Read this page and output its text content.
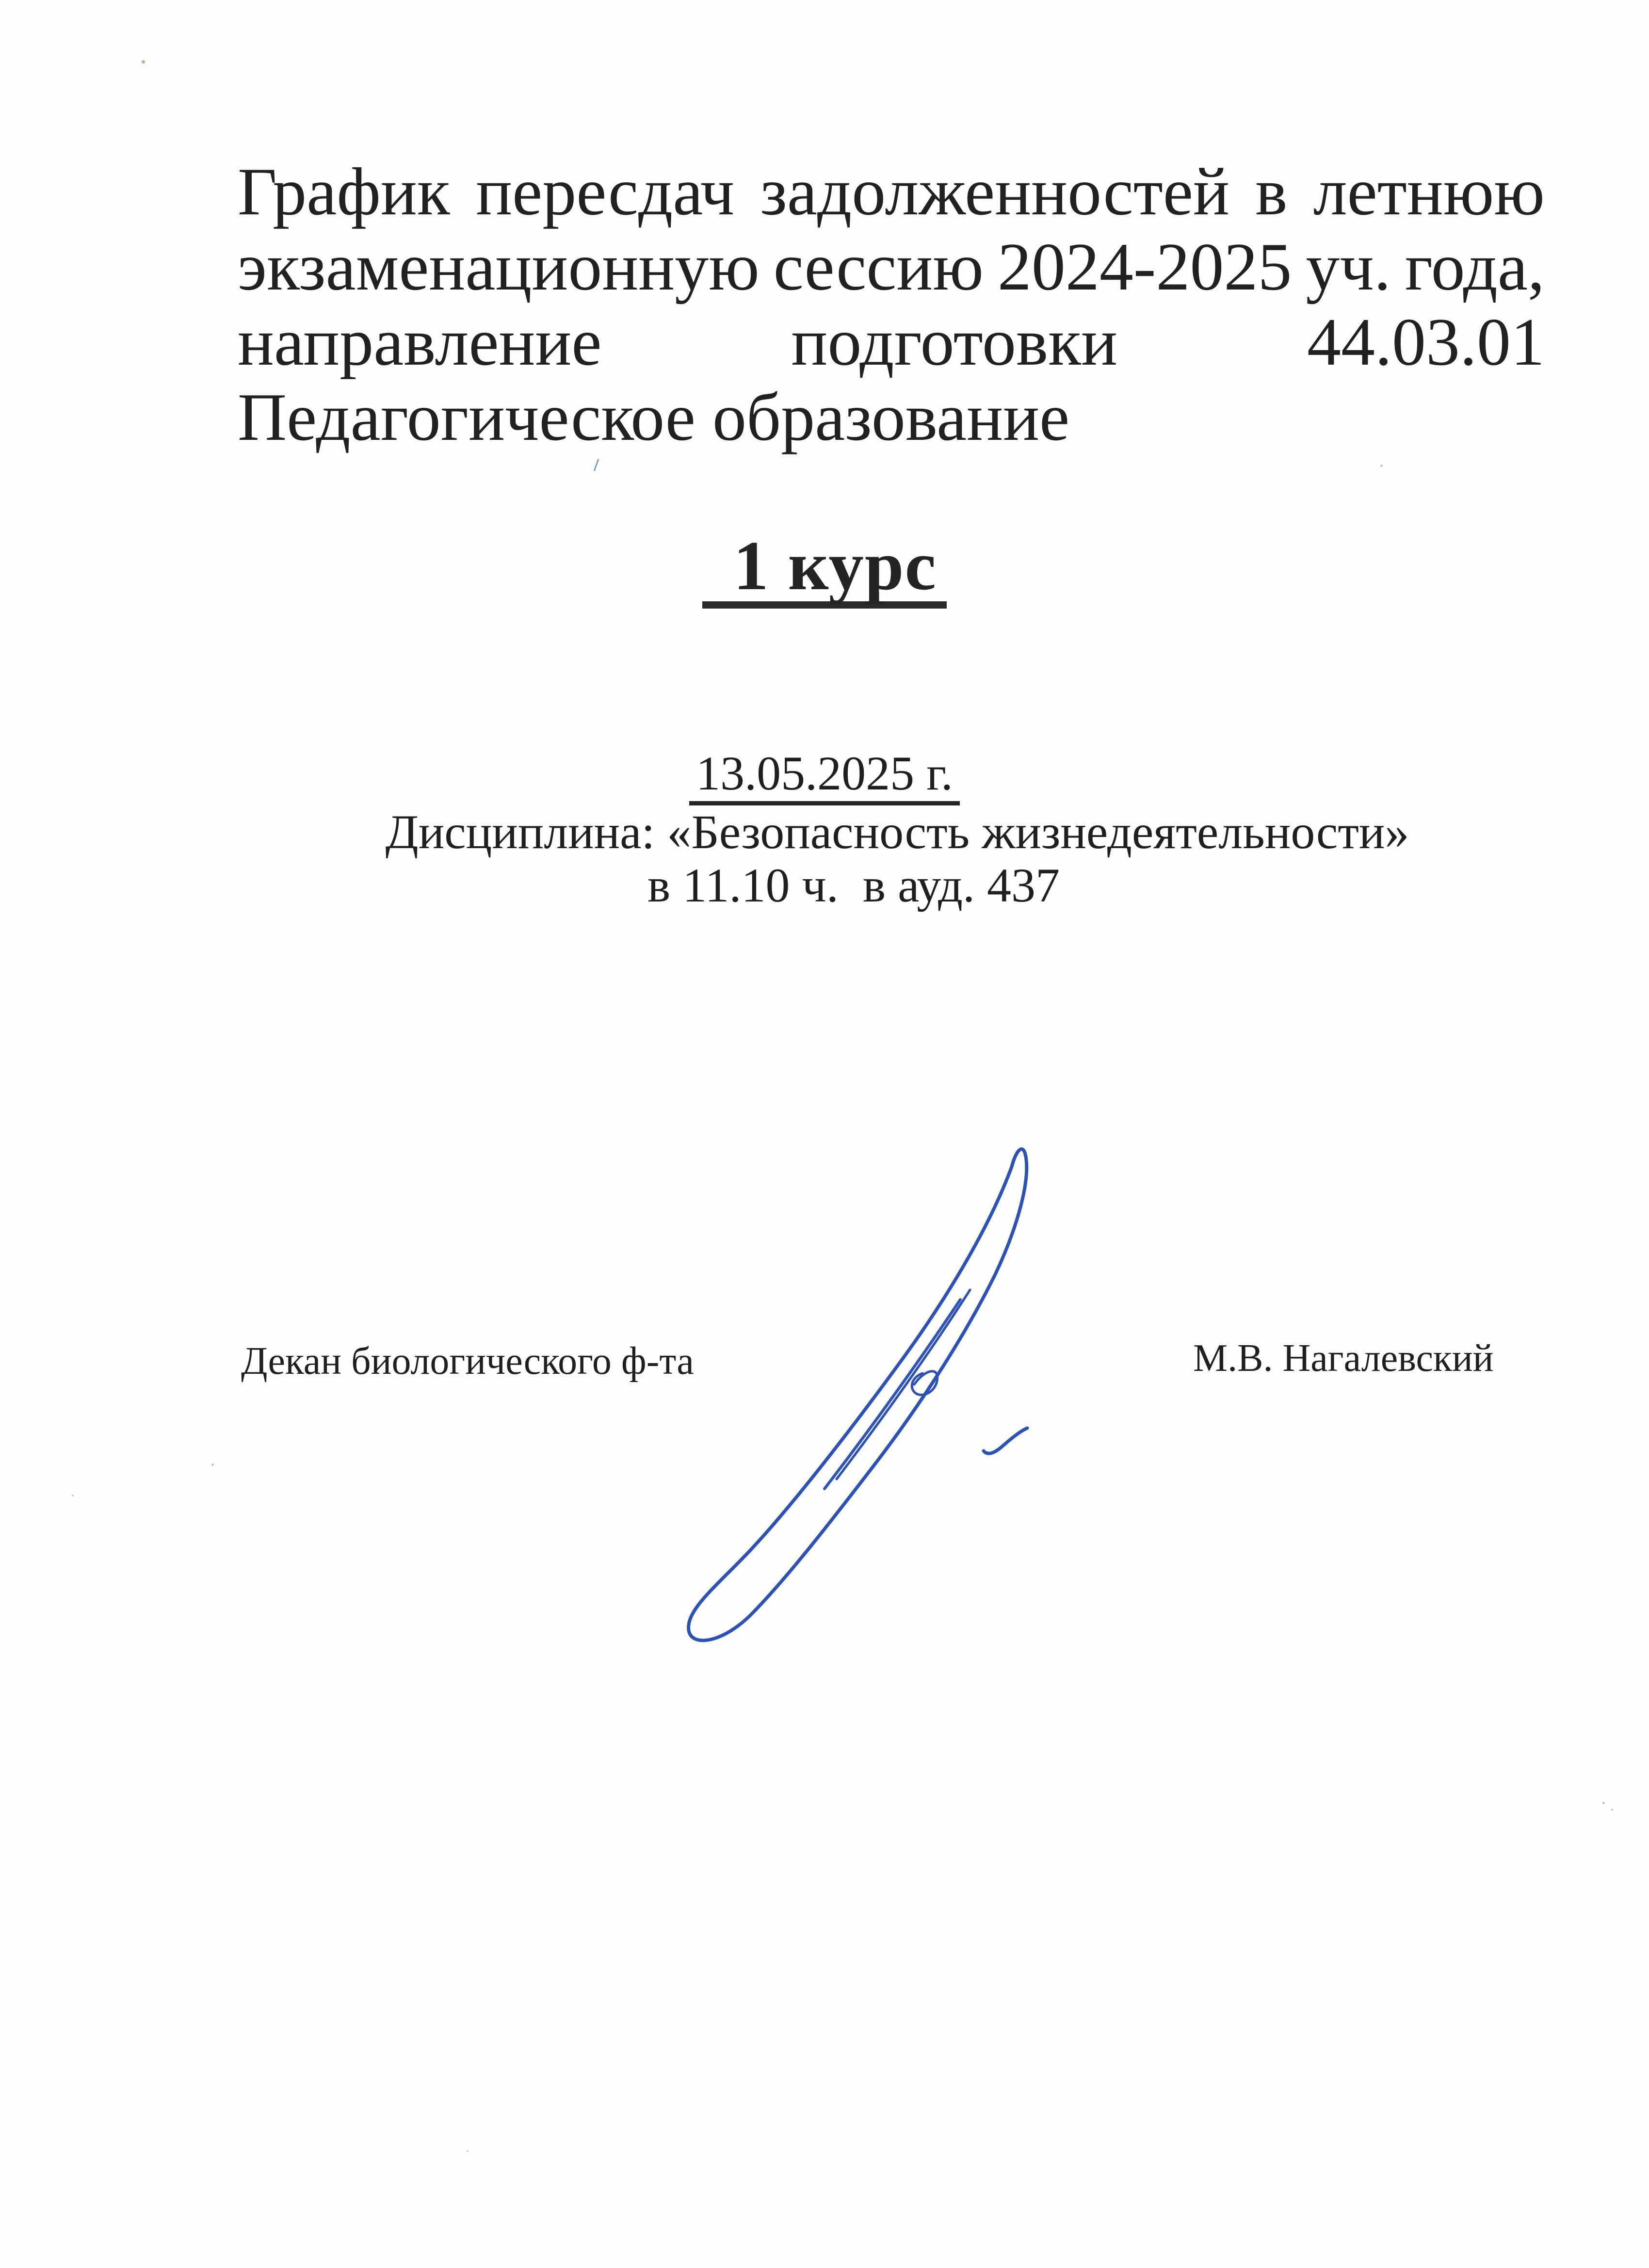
График пересдач задолженностей в летнюю
экзаменационную сессию 2024-2025 уч. года,
направление	подготовки	44.03.01
Педагогическое образование
1 курс
13.05.2025 г.
Дисциплина: «Безопасность жизнедеятельности»
в 11.10 ч.  в ауд. 437
Декан биологического ф-та	М.В. Нагалевский
